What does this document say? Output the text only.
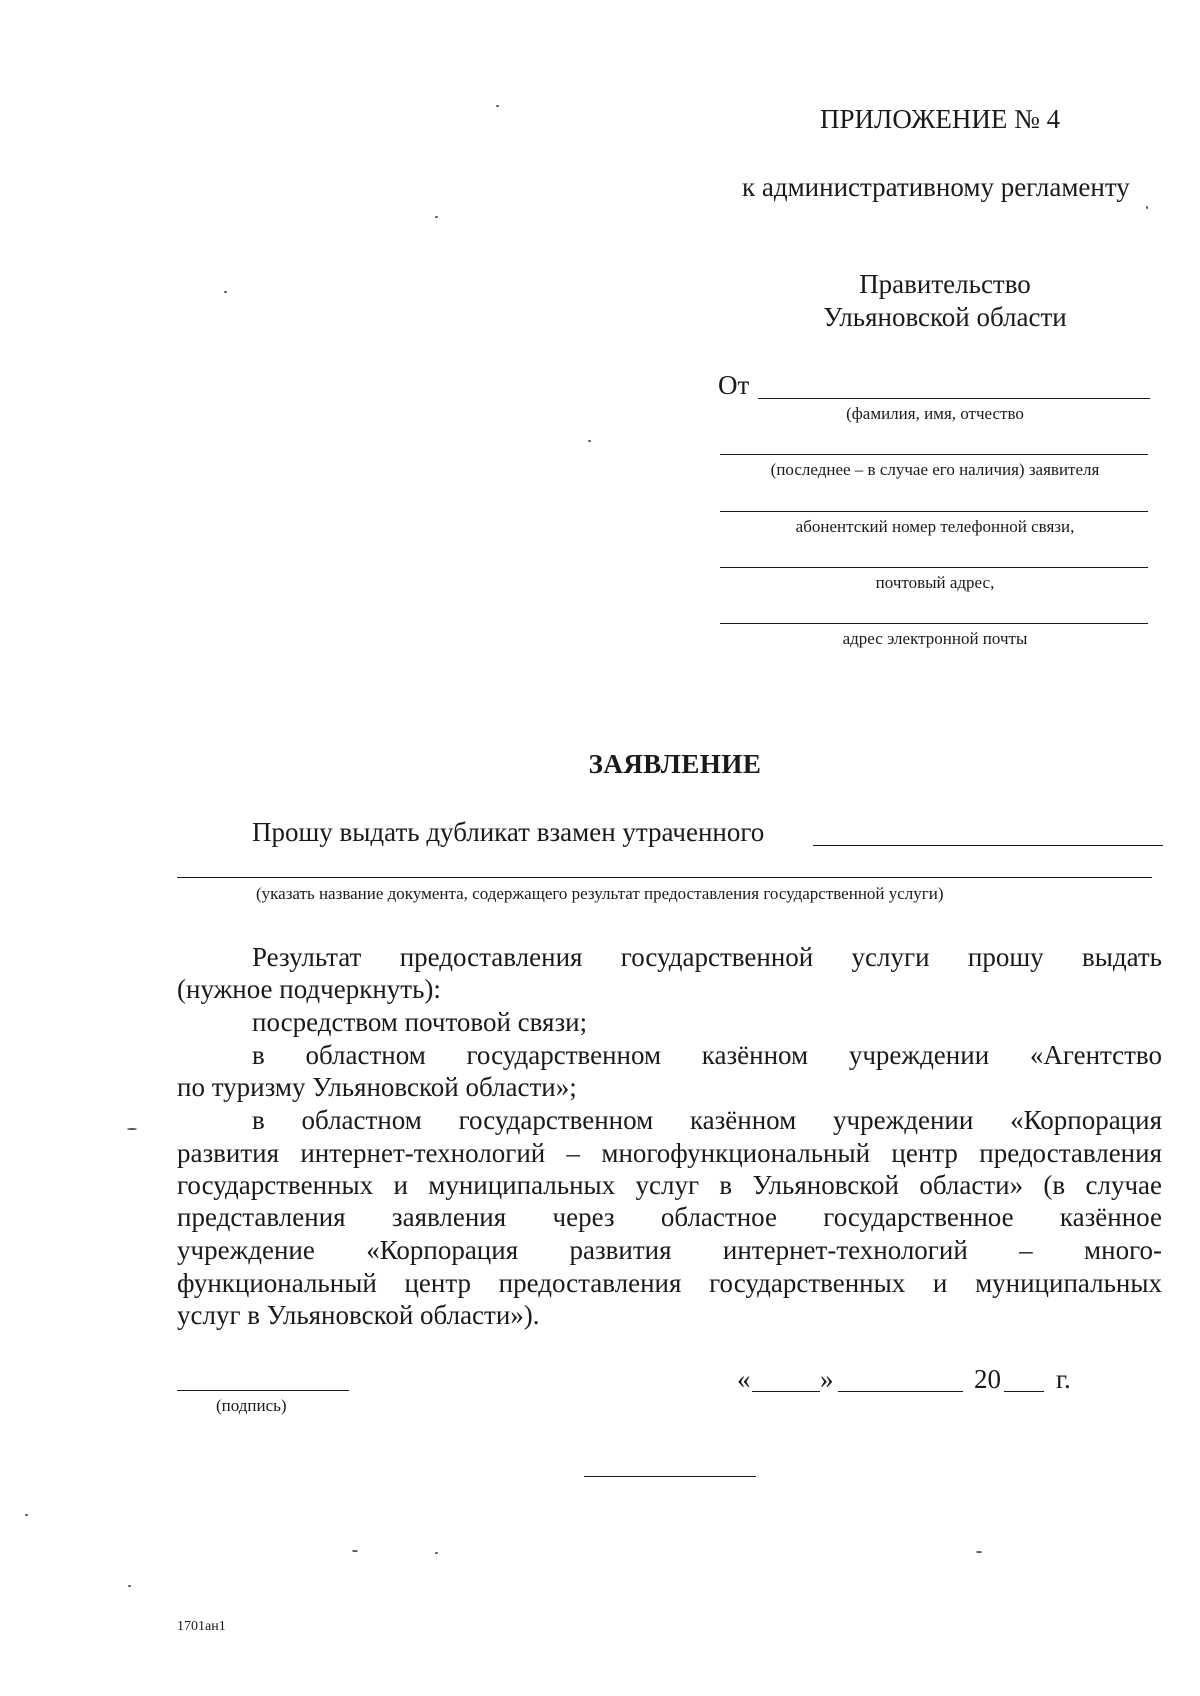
ПРИЛОЖЕНИЕ № 4
к административному регламенту
Правительство
Ульяновской области
От
(фамилия, имя, отчество
(последнее – в случае его наличия) заявителя
абонентский номер телефонной связи,
почтовый адрес,
адрес электронной почты
ЗАЯВЛЕНИЕ
Прошу выдать дубликат взамен утраченного
(указать название документа, содержащего результат предоставления государственной услуги)
Результат предоставления государственной услуги прошу выдать
(нужное подчеркнуть):
посредством почтовой связи;
в областном государственном казённом учреждении «Агентство
по туризму Ульяновской области»;
в областном государственном казённом учреждении «Корпорация
развития интернет-технологий – многофункциональный центр предоставления
государственных и муниципальных услуг в Ульяновской области» (в случае
представления заявления через областное государственное казённое
учреждение «Корпорация развития интернет-технологий – много-
функциональный центр предоставления государственных и муниципальных
услуг в Ульяновской области»).
(подпись)
«	»	20 г.
1701ан1
